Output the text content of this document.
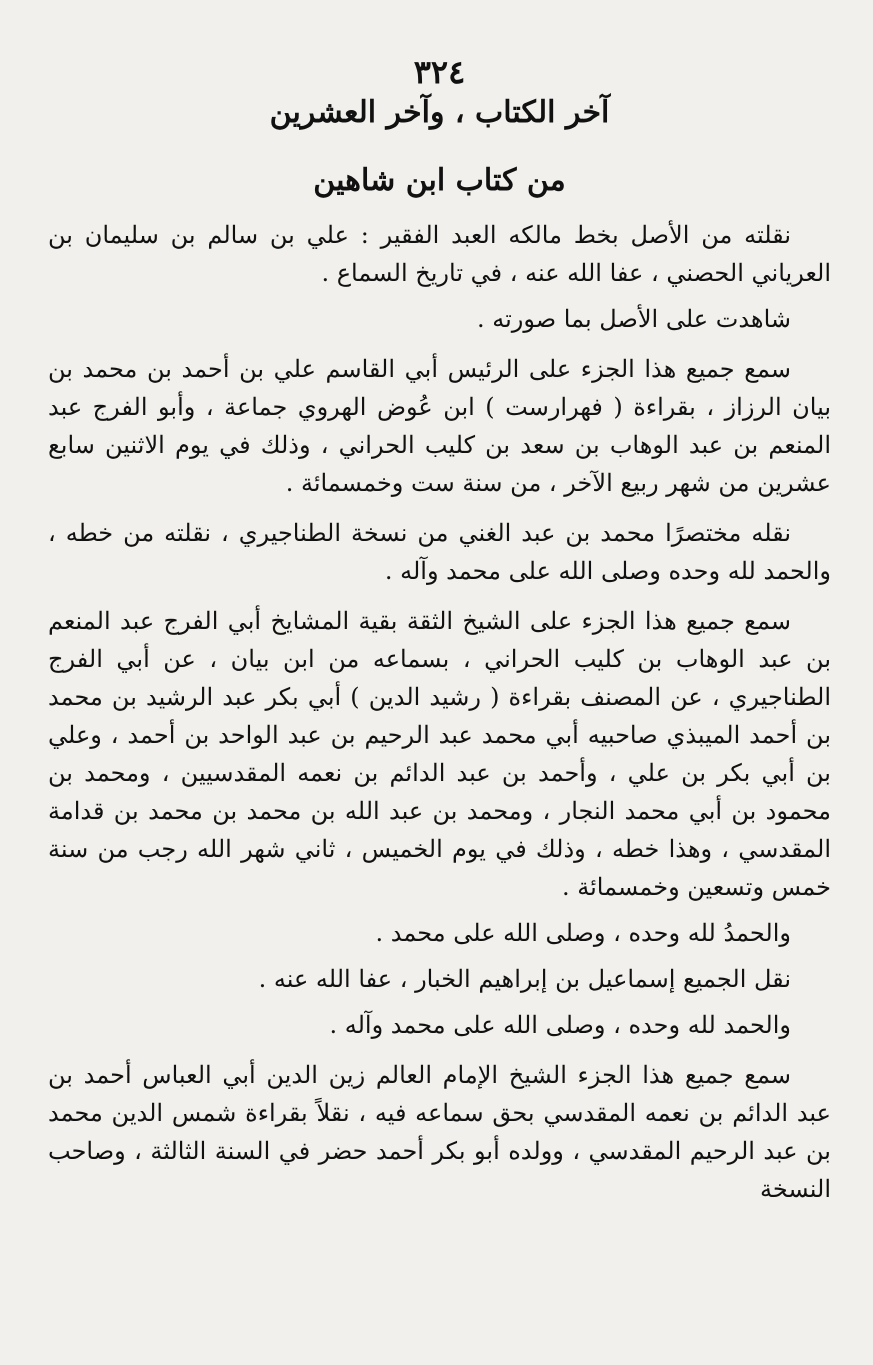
٣٢٤
آخر الكتاب ، وآخر العشرين
من كتاب ابن شاهين

نقلته من الأصل بخط مالكه العبد الفقير : علي بن سالم بن سليمان بن العرياني الحصني ، عفا الله عنه ، في تاريخ السماع .

شاهدت على الأصل بما صورته .

سمع جميع هذا الجزء على الرئيس أبي القاسم علي بن أحمد بن محمد بن بيان الرزاز ، بقراءة ( فهرارست ) ابن عُوض الهروي جماعة ، وأبو الفرج عبد المنعم بن عبد الوهاب بن سعد بن كليب الحراني ، وذلك في يوم الاثنين سابع عشرين من شهر ربيع الآخر ، من سنة ست وخمسمائة .

نقله مختصرًا محمد بن عبد الغني من نسخة الطناجيري ، نقلته من خطه ، والحمد لله وحده وصلى الله على محمد وآله .

سمع جميع هذا الجزء على الشيخ الثقة بقية المشايخ أبي الفرج عبد المنعم بن عبد الوهاب بن كليب الحراني ، بسماعه من ابن بيان ، عن أبي الفرج الطناجيري ، عن المصنف بقراءة ( رشيد الدين ) أبي بكر عبد الرشيد بن محمد بن أحمد الميبذي صاحبيه أبي محمد عبد الرحيم بن عبد الواحد بن أحمد ، وعلي بن أبي بكر بن علي ، وأحمد بن عبد الدائم بن نعمه المقدسيين ، ومحمد بن محمود بن أبي محمد النجار ، ومحمد بن عبد الله بن محمد بن محمد بن قدامة المقدسي ، وهذا خطه ، وذلك في يوم الخميس ، ثاني شهر الله رجب من سنة خمس وتسعين وخمسمائة .

والحمدُ لله وحده ، وصلى الله على محمد .

نقل الجميع إسماعيل بن إبراهيم الخبار ، عفا الله عنه .

والحمد لله وحده ، وصلى الله على محمد وآله .

سمع جميع هذا الجزء الشيخ الإمام العالم زين الدين أبي العباس أحمد بن عبد الدائم بن نعمه المقدسي بحق سماعه فيه ، نقلاً بقراءة شمس الدين محمد بن عبد الرحيم المقدسي ، وولده أبو بكر أحمد حضر في السنة الثالثة ، وصاحب النسخة
